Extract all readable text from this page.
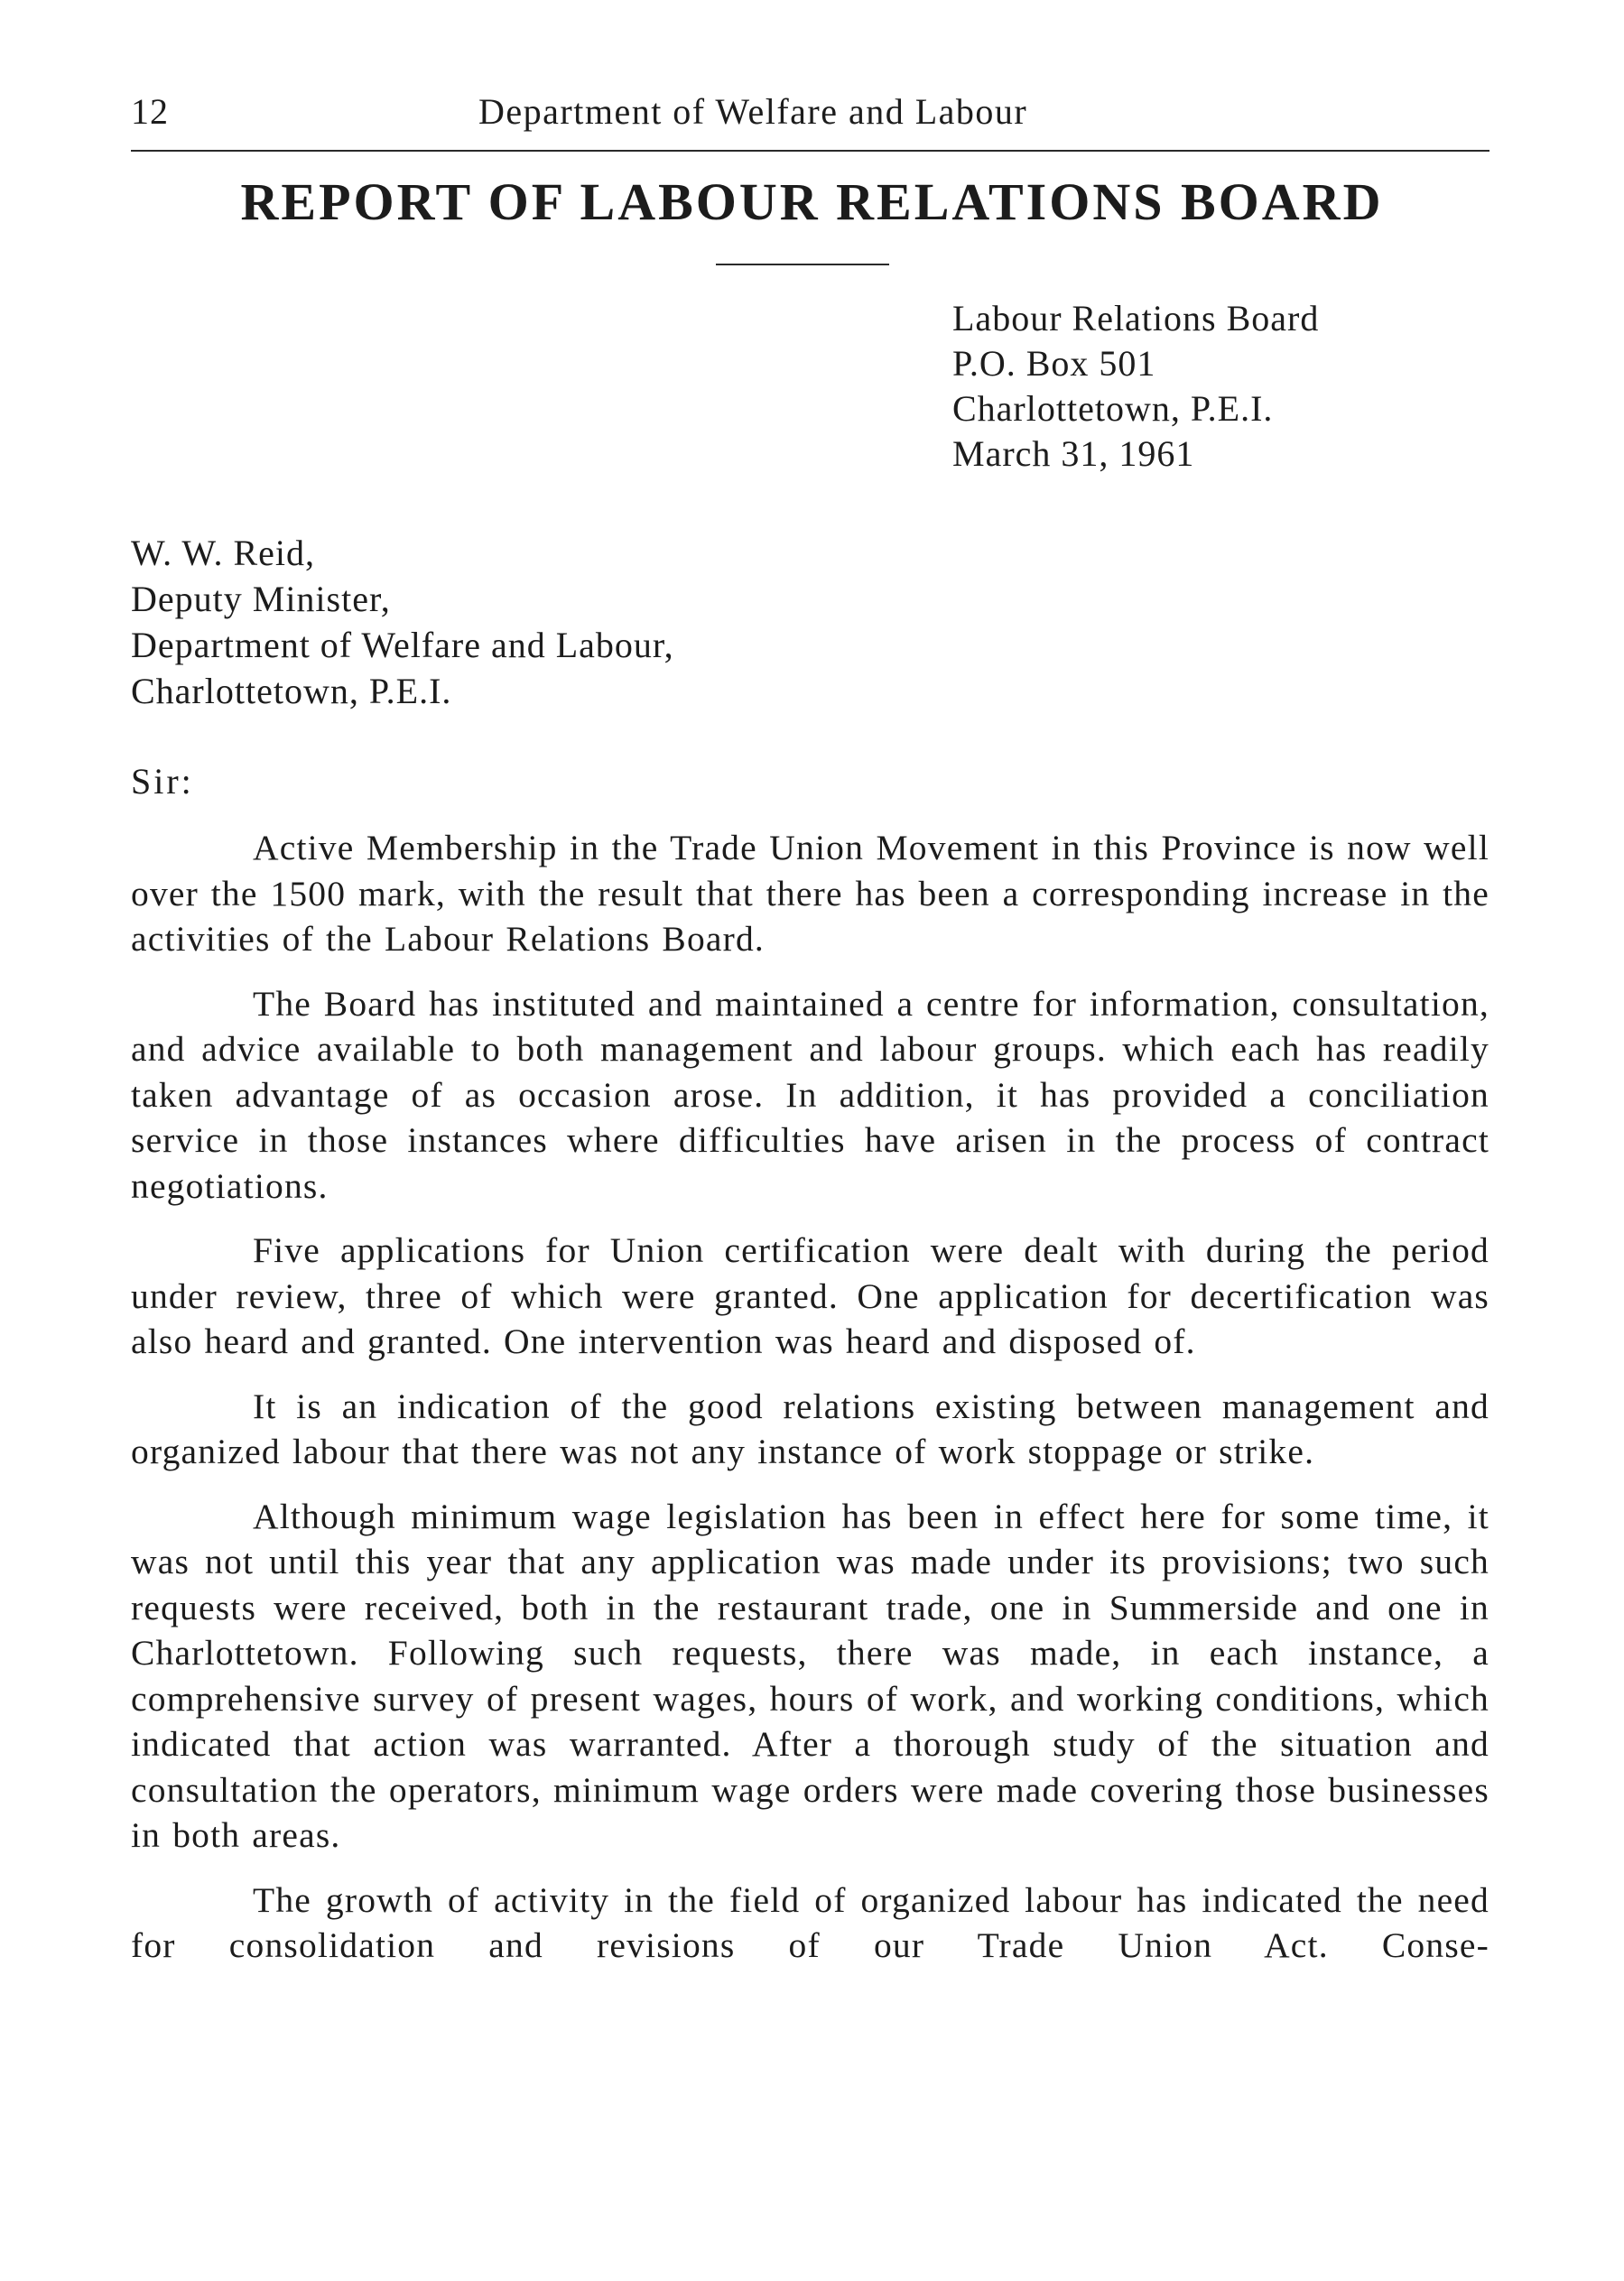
12	Department of Welfare and Labour
REPORT OF LABOUR RELATIONS BOARD
Labour Relations Board
P.O. Box 501
Charlottetown, P.E.I.
March 31, 1961
W. W. Reid,
Deputy Minister,
Department of Welfare and Labour,
Charlottetown, P.E.I.
Sir:

Active Membership in the Trade Union Movement in this Province is now well over the 1500 mark, with the result that there has been a corresponding increase in the activities of the Labour Relations Board.

The Board has instituted and maintained a centre for information, consultation, and advice available to both management and labour groups. which each has readily taken advantage of as occasion arose. In addition, it has provided a conciliation service in those instances where difficulties have arisen in the process of contract negotiations.

Five applications for Union certification were dealt with during the period under review, three of which were granted. One application for decertification was also heard and granted. One intervention was heard and disposed of.

It is an indication of the good relations existing between management and organized labour that there was not any instance of work stoppage or strike.

Although minimum wage legislation has been in effect here for some time, it was not until this year that any application was made under its provisions; two such requests were received, both in the restaurant trade, one in Summerside and one in Charlottetown. Following such requests, there was made, in each instance, a comprehensive survey of present wages, hours of work, and working conditions, which indicated that action was warranted. After a thorough study of the situation and consultation the operators, minimum wage orders were made covering those businesses in both areas.

The growth of activity in the field of organized labour has indicated the need for consolidation and revisions of our Trade Union Act. Conse-
